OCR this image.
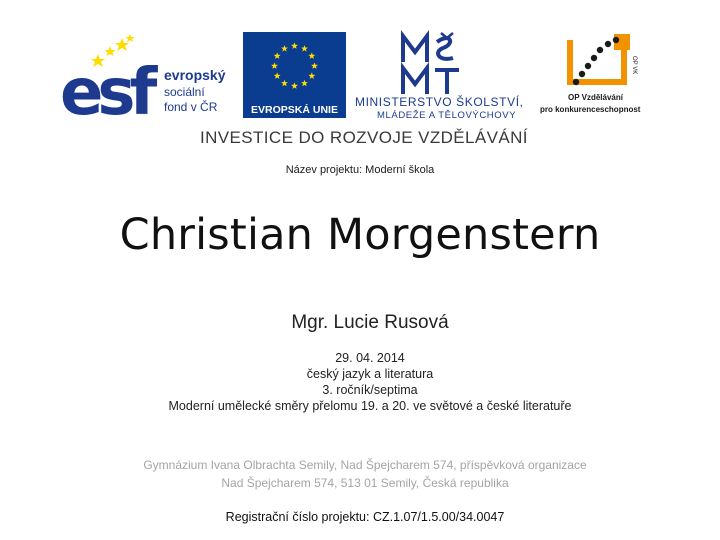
esf evropský
sociální
fond v ČR	EVROPSKÁ UNIE
MINISTERSTVO ŠKOLSTVÍ,
MLÁDEŽE A TĚLOVÝCHOVY
OP VK
OP Vzdělávání
pro konkurenceschopnost
INVESTICE DO ROZVOJE VZDĚLÁVÁNÍ
Název projektu: Moderní škola
Christian Morgenstern
Mgr. Lucie Rusová
29. 04. 2014
český jazyk a literatura
3. ročník/septima
Moderní umělecké směry přelomu 19. a 20. ve světové a české literatuře
Gymnázium Ivana Olbrachta Semily, Nad Špejcharem 574, příspěvková organizace
Nad Špejcharem 574, 513 01 Semily, Česká republika
Registrační číslo projektu: CZ.1.07/1.5.00/34.0047
